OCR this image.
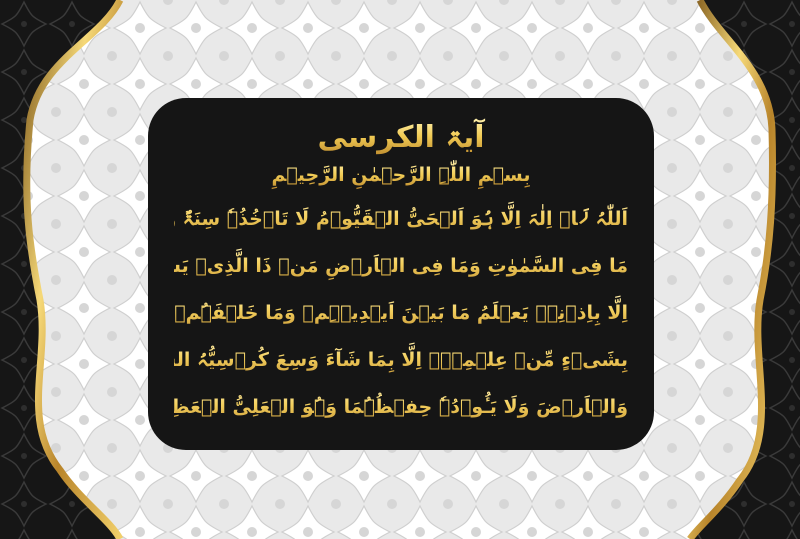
آیۃ الکرسی
بِسۡمِ اللّٰہِ الرَّحۡمٰنِ الرَّحِیۡمِ
اَللّٰہُ لَاۤ اِلٰہَ اِلَّا ہُوَ اَلۡحَیُّ الۡقَیُّوۡمُ لَا تَاۡخُذُہٗ سِنَۃٌ وَّلَا نَوۡمٌ لَہٗ
مَا فِی السَّمٰوٰتِ وَمَا فِی الۡاَرۡضِ مَنۡ ذَا الَّذِیۡ یَشۡفَعُ عِنۡدَہٗۤ
اِلَّا بِاِذۡنِہٖ یَعۡلَمُ مَا بَیۡنَ اَیۡدِیۡہِمۡ وَمَا خَلۡفَہُمۡ وَلَا یُحِیۡطُوۡنَ
بِشَیۡءٍ مِّنۡ عِلۡمِہٖۤ اِلَّا بِمَا شَآءَ وَسِعَ کُرۡسِیُّہُ السَّمٰوٰتِ
وَالۡاَرۡضَ وَلَا یَـُٔوۡدُہٗ حِفۡظُہُمَا وَہُوَ الۡعَلِیُّ الۡعَظِیۡمُ ۝
